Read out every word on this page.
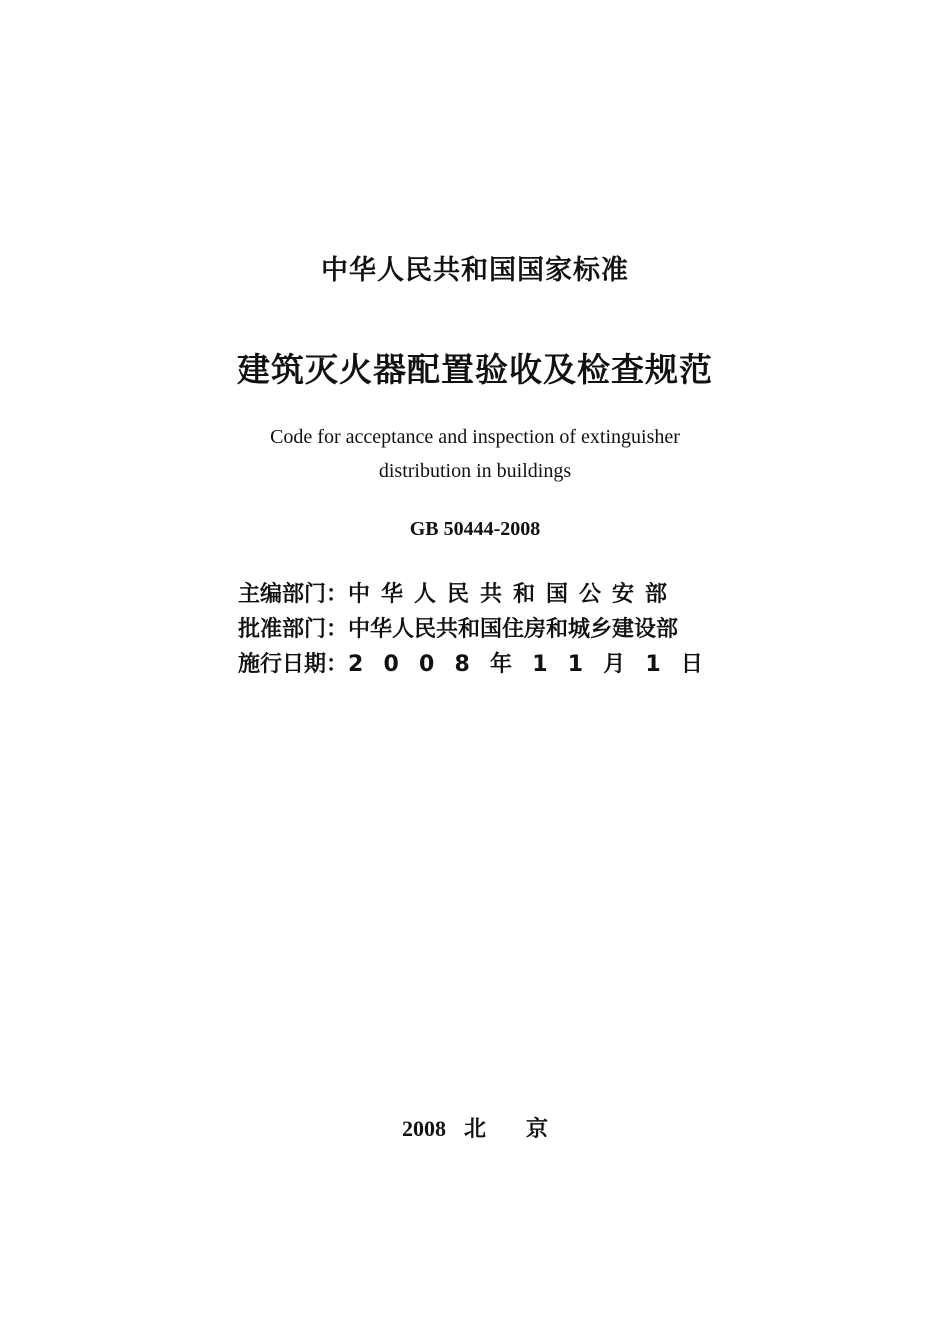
中华人民共和国国家标准
建筑灭火器配置验收及检查规范
Code for acceptance and inspection of extinguisher
distribution in buildings
GB 50444-2008
主编部门： 中华人民共和国公安部
批准部门： 中华人民共和国住房和城乡建设部
施行日期： 2 0 0 8 年 1 1 月 1 日
2008 北 京
